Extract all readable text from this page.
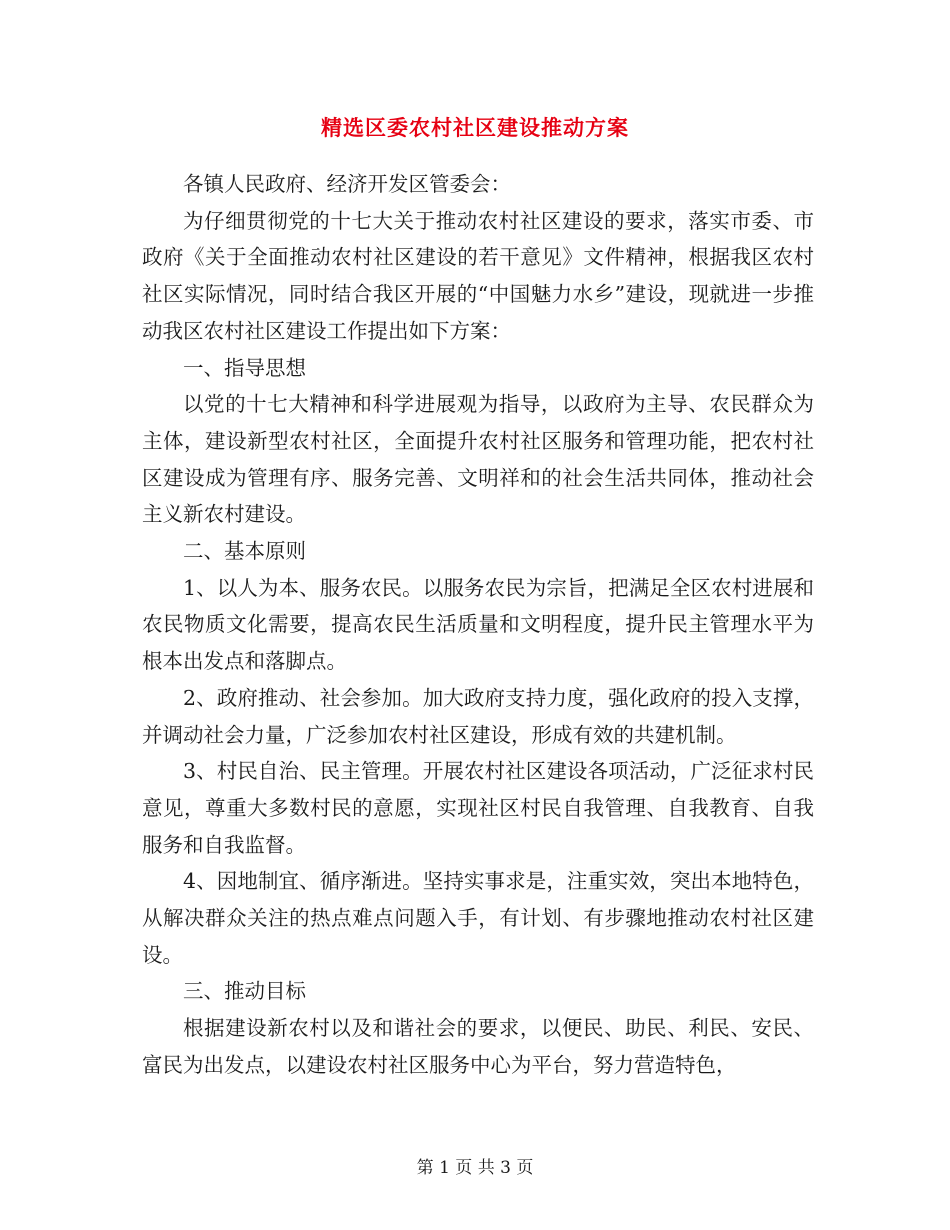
精选区委农村社区建设推动方案

各镇人民政府、经济开发区管委会：

为仔细贯彻党的十七大关于推动农村社区建设的要求，落实市委、市政府《关于全面推动农村社区建设的若干意见》文件精神，根据我区农村社区实际情况，同时结合我区开展的“中国魅力水乡”建设，现就进一步推动我区农村社区建设工作提出如下方案：

一、指导思想

以党的十七大精神和科学进展观为指导，以政府为主导、农民群众为主体，建设新型农村社区，全面提升农村社区服务和管理功能，把农村社区建设成为管理有序、服务完善、文明祥和的社会生活共同体，推动社会主义新农村建设。

二、基本原则

1、以人为本、服务农民。以服务农民为宗旨，把满足全区农村进展和农民物质文化需要，提高农民生活质量和文明程度，提升民主管理水平为根本出发点和落脚点。

2、政府推动、社会参加。加大政府支持力度，强化政府的投入支撑，并调动社会力量，广泛参加农村社区建设，形成有效的共建机制。

3、村民自治、民主管理。开展农村社区建设各项活动，广泛征求村民意见，尊重大多数村民的意愿，实现社区村民自我管理、自我教育、自我服务和自我监督。

4、因地制宜、循序渐进。坚持实事求是，注重实效，突出本地特色，从解决群众关注的热点难点问题入手，有计划、有步骤地推动农村社区建设。

三、推动目标

根据建设新农村以及和谐社会的要求，以便民、助民、利民、安民、富民为出发点，以建设农村社区服务中心为平台，努力营造特色，

第 1 页 共 3 页
